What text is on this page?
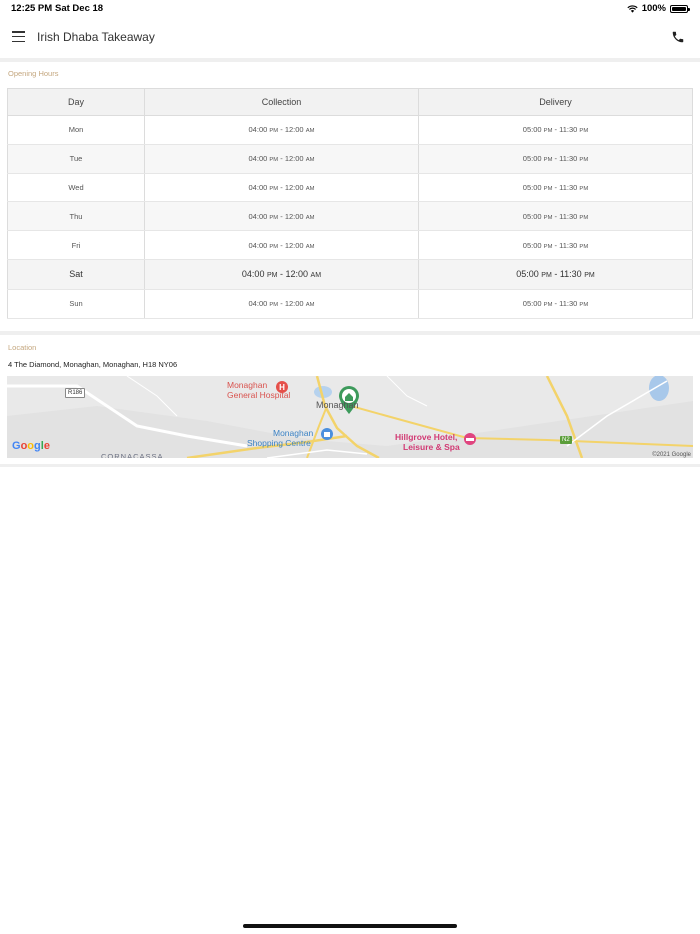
12:25 PM Sat Dec 18	100%
Irish Dhaba Takeaway
Opening Hours
Day	Collection	Delivery
Mon	04:00 PM - 12:00 AM	05:00 PM - 11:30 PM
Tue	04:00 PM - 12:00 AM	05:00 PM - 11:30 PM
Wed	04:00 PM - 12:00 AM	05:00 PM - 11:30 PM
Thu	04:00 PM - 12:00 AM	05:00 PM - 11:30 PM
Fri	04:00 PM - 12:00 AM	05:00 PM - 11:30 PM
Sat	04:00 PM - 12:00 AM	05:00 PM - 11:30 PM
Sun	04:00 PM - 12:00 AM	05:00 PM - 11:30 PM
Location
4 The Diamond, Monaghan, Monaghan, H18 NY06
H
Monaghan
General Hospital
Monaghan
Monaghan
Shopping Centre
Hillgrove Hotel,
Leisure & Spa
CORNACASSA
R186
N2
©2021 Google
Google
